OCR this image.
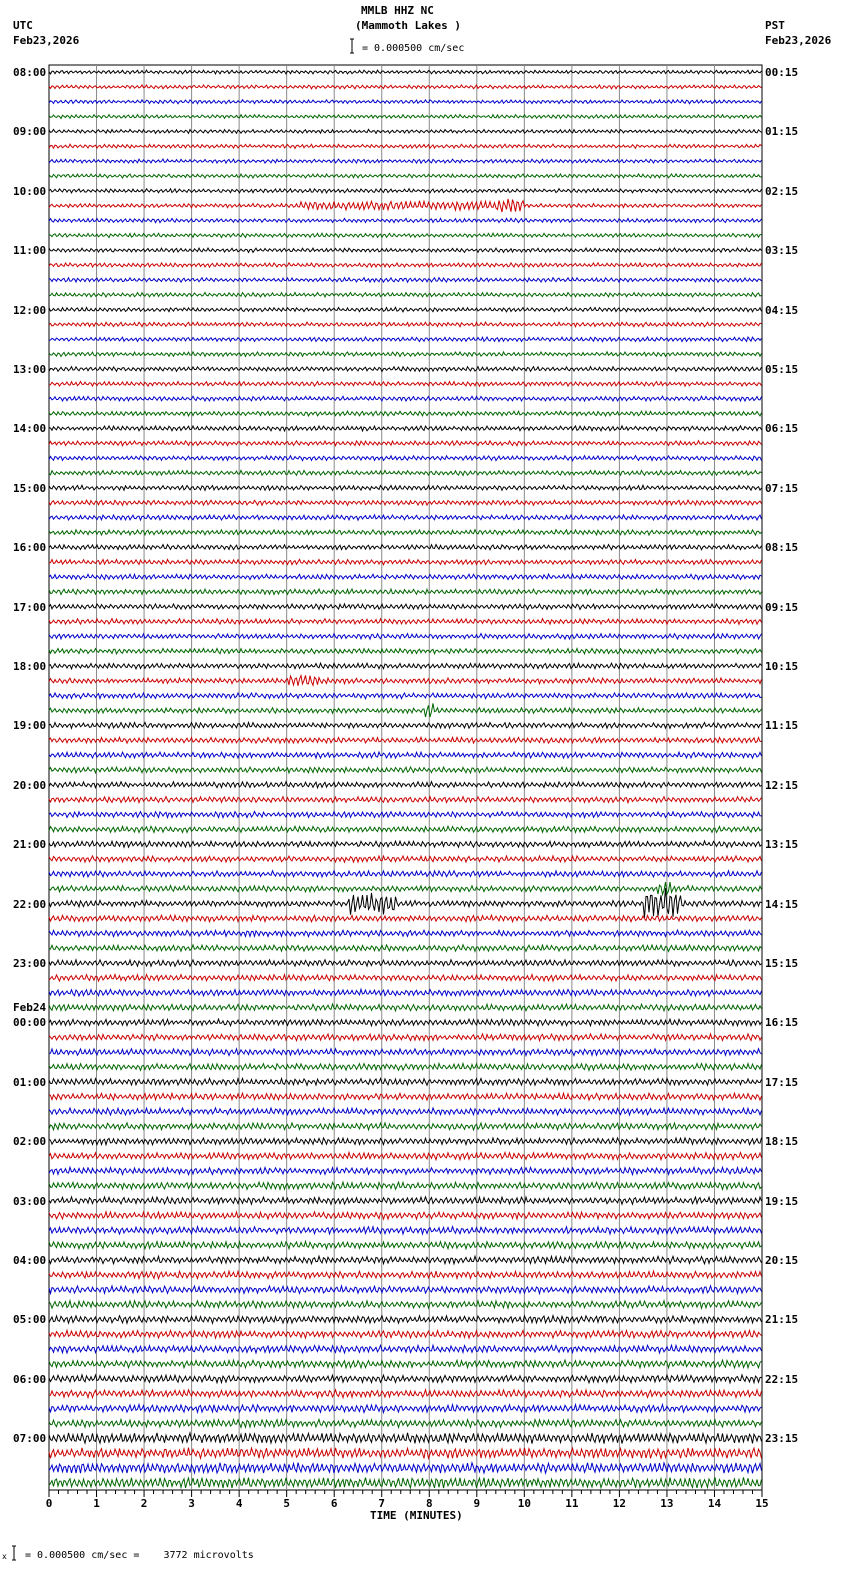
MMLB HHZ NC
(Mammoth Lakes )
UTC
Feb23,2026
PST
Feb23,2026
= 0.000500 cm/sec
= 0.000500 cm/sec =    3772 microvolts
TIME (MINUTES)
0	1	2	3	4	5	6	7	8	9	10	11	12	13	14	15
x
08:00
09:00
10:00
11:00
12:00
13:00
14:00
15:00
16:00
17:00
18:00
19:00
20:00
21:00
22:00
23:00
00:00
Feb24
01:00
02:00
03:00
04:00
05:00
06:00
07:00
00:15
01:15
02:15
03:15
04:15
05:15
06:15
07:15
08:15
09:15
10:15
11:15
12:15
13:15
14:15
15:15
16:15
17:15
18:15
19:15
20:15
21:15
22:15
23:15
